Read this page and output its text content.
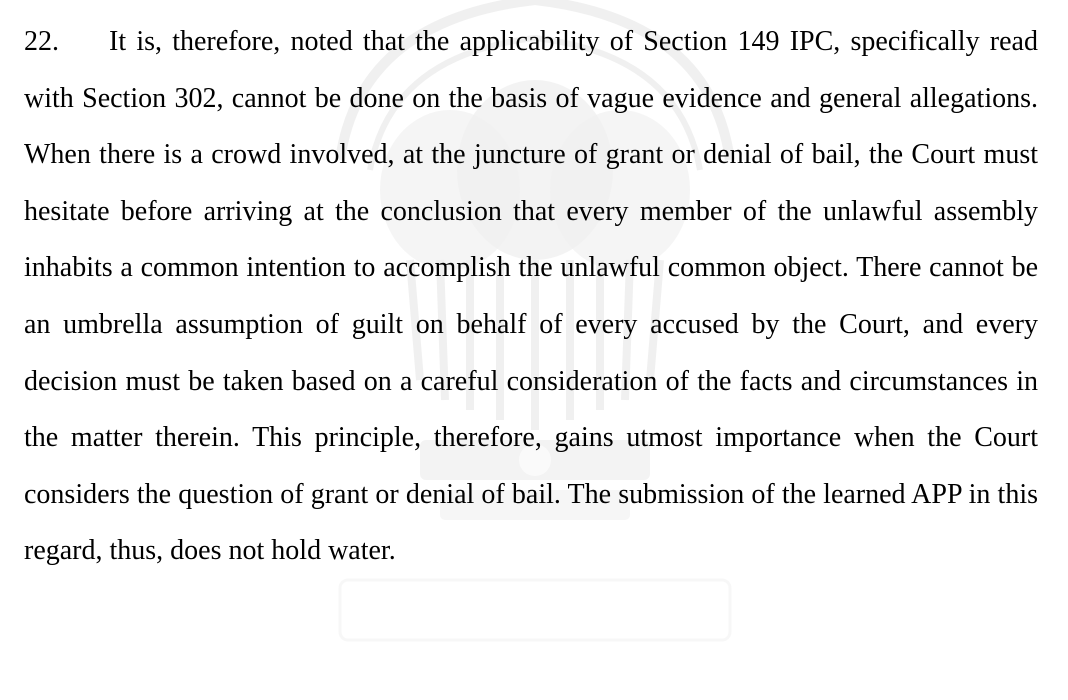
22. It is, therefore, noted that the applicability of Section 149 IPC, specifically read with Section 302, cannot be done on the basis of vague evidence and general allegations. When there is a crowd involved, at the juncture of grant or denial of bail, the Court must hesitate before arriving at the conclusion that every member of the unlawful assembly inhabits a common intention to accomplish the unlawful common object. There cannot be an umbrella assumption of guilt on behalf of every accused by the Court, and every decision must be taken based on a careful consideration of the facts and circumstances in the matter therein. This principle, therefore, gains utmost importance when the Court considers the question of grant or denial of bail. The submission of the learned APP in this regard, thus, does not hold water.
